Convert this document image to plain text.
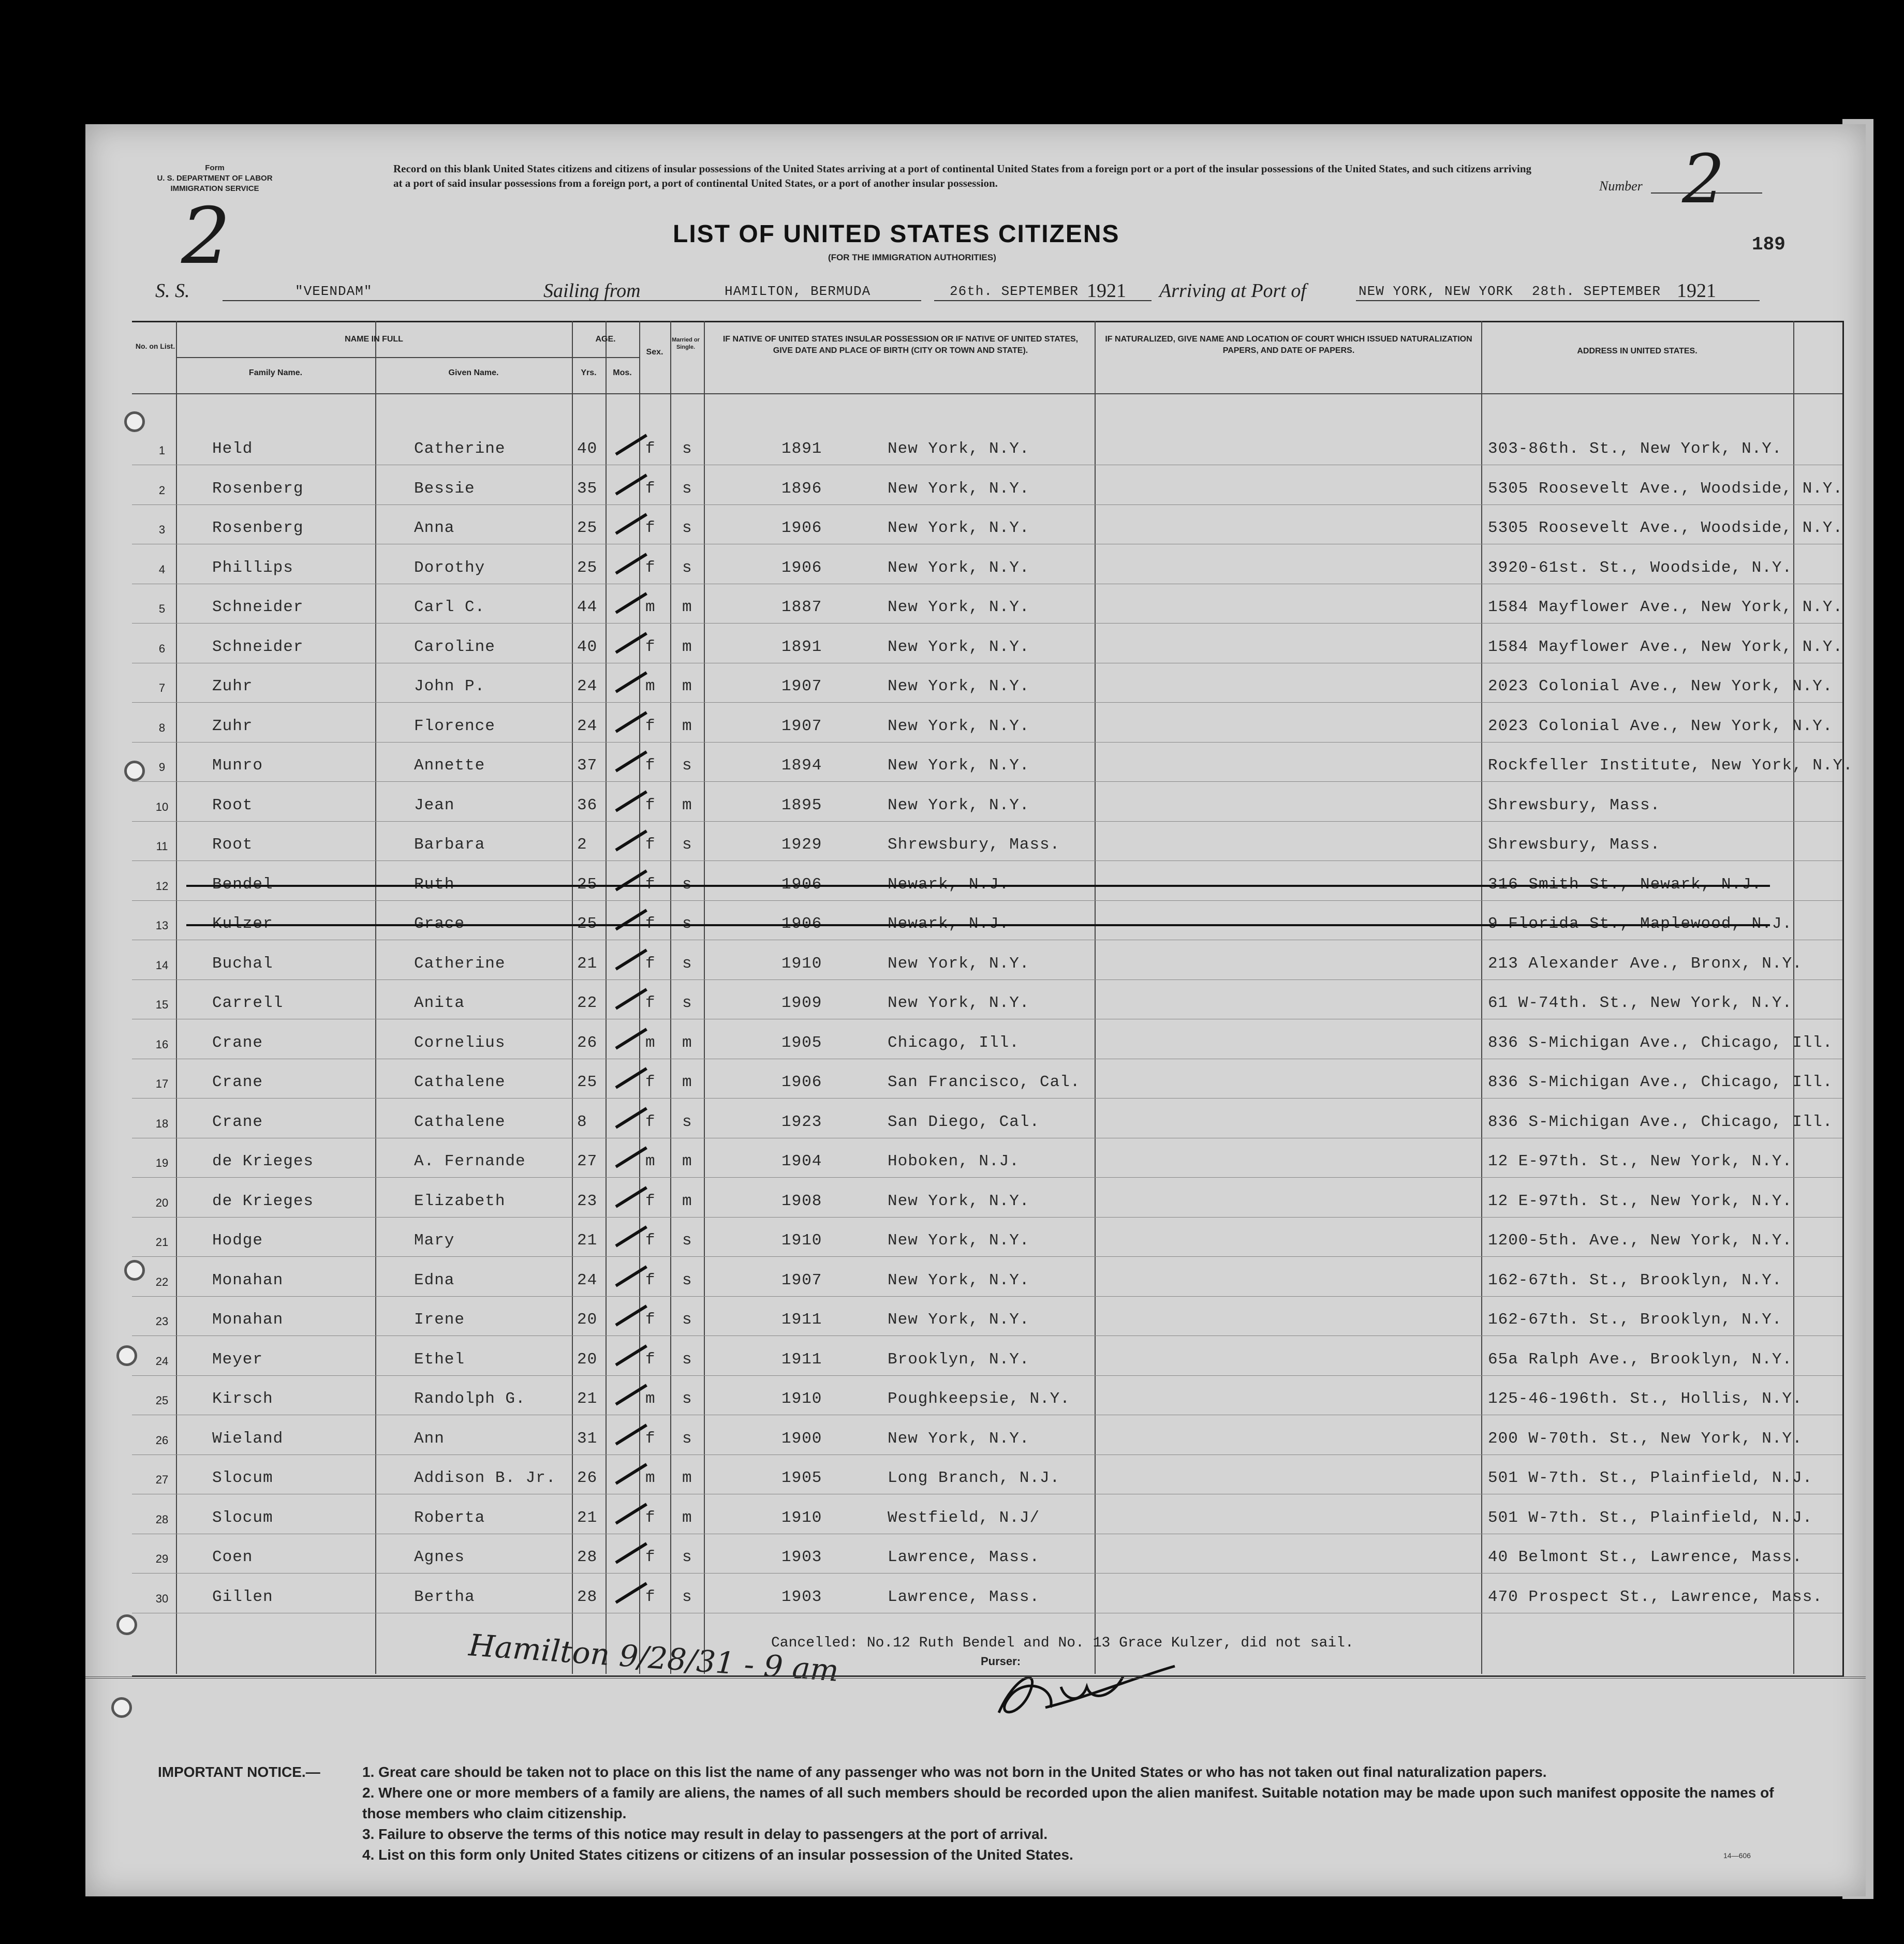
Form
U. S. DEPARTMENT OF LABOR
IMMIGRATION SERVICE
2
Record on this blank United States citizens and citizens of insular possessions of the United States arriving at a port of continental United States from a foreign port or a port of the insular possessions of the United States, and such citizens arriving at a port of said insular possessions from a foreign port, a port of continental United States, or a port of another insular possession.	Number 2
LIST OF UNITED STATES CITIZENS
(FOR THE IMMIGRATION AUTHORITIES)
189
S. S.	"VEENDAM"	Sailing from	HAMILTON, BERMUDA	26th. SEPTEMBER 1921 Arriving at Port of	NEW YORK, NEW YORK 28th. SEPTEMBER 1921
No. on List.
NAME IN FULL
Family Name.	Given Name.
AGE.
Yrs.	Mos.
Sex.
Married or Single.
IF NATIVE OF UNITED STATES INSULAR POSSESSION OR IF NATIVE OF UNITED STATES, GIVE DATE AND PLACE OF BIRTH (CITY OR TOWN AND STATE).
IF NATURALIZED, GIVE NAME AND LOCATION OF COURT WHICH ISSUED NATURALIZATION PAPERS, AND DATE OF PAPERS.	ADDRESS IN UNITED STATES.
1	Held	Catherine	40	f s	1891	New York, N.Y.	303-86th. St., New York, N.Y.
2	Rosenberg	Bessie	35	f s	1896	New York, N.Y.	5305 Roosevelt Ave., Woodside, N.Y.
3	Rosenberg	Anna	25	f s	1906	New York, N.Y.	5305 Roosevelt Ave., Woodside, N.Y.
4	Phillips	Dorothy	25	f s	1906	New York, N.Y.	3920-61st. St., Woodside, N.Y.
5	Schneider	Carl C.	44	m m	1887	New York, N.Y.	1584 Mayflower Ave., New York, N.Y.
6	Schneider	Caroline	40	f m	1891	New York, N.Y.	1584 Mayflower Ave., New York, N.Y.
7	Zuhr	John P.	24	m m	1907	New York, N.Y.	2023 Colonial Ave., New York, N.Y.
8	Zuhr	Florence	24	f m	1907	New York, N.Y.	2023 Colonial Ave., New York, N.Y.
9	Munro	Annette	37	f s	1894	New York, N.Y.	Rockfeller Institute, New York, N.Y.
10	Root	Jean	36	f m	1895	New York, N.Y.	Shrewsbury, Mass.
11	Root	Barbara	2	f s	1929	Shrewsbury, Mass.	Shrewsbury, Mass.
12	Bendel	Ruth	25	f s	1906	Newark, N.J.	316 Smith St., Newark, N.J.
13	Kulzer	Grace	25	f s	1906	Newark, N.J.	9 Florida St., Maplewood, N.J.
14	Buchal	Catherine	21	f s	1910	New York, N.Y.	213 Alexander Ave., Bronx, N.Y.
15	Carrell	Anita	22	f s	1909	New York, N.Y.	61 W-74th. St., New York, N.Y.
16	Crane	Cornelius	26	m m	1905	Chicago, Ill.	836 S-Michigan Ave., Chicago, Ill.
17	Crane	Cathalene	25	f m	1906	San Francisco, Cal.	836 S-Michigan Ave., Chicago, Ill.
18	Crane	Cathalene	8	f s	1923	San Diego, Cal.	836 S-Michigan Ave., Chicago, Ill.
19	de Krieges	A. Fernande	27	m m	1904	Hoboken, N.J.	12 E-97th. St., New York, N.Y.
20	de Krieges	Elizabeth	23	f m	1908	New York, N.Y.	12 E-97th. St., New York, N.Y.
21	Hodge	Mary	21	f s	1910	New York, N.Y.	1200-5th. Ave., New York, N.Y.
22	Monahan	Edna	24	f s	1907	New York, N.Y.	162-67th. St., Brooklyn, N.Y.
23	Monahan	Irene	20	f s	1911	New York, N.Y.	162-67th. St., Brooklyn, N.Y.
24	Meyer	Ethel	20	f s	1911	Brooklyn, N.Y.	65a Ralph Ave., Brooklyn, N.Y.
25	Kirsch	Randolph G.	21	m s	1910	Poughkeepsie, N.Y.	125-46-196th. St., Hollis, N.Y.
26	Wieland	Ann	31	f s	1900	New York, N.Y.	200 W-70th. St., New York, N.Y.
27	Slocum	Addison B. Jr. 26	m m	1905	Long Branch, N.J.	501 W-7th. St., Plainfield, N.J.
28	Slocum	Roberta	21	f m	1910	Westfield, N.J/	501 W-7th. St., Plainfield, N.J.
29	Coen	Agnes	28	f s	1903	Lawrence, Mass.	40 Belmont St., Lawrence, Mass.
30	Gillen	Bertha	28	f s	1903	Lawrence, Mass.	470 Prospect St., Lawrence, Mass.
Hamilton 9/28/31 - 9 am
Cancelled: No.12 Ruth Bendel and No. 13 Grace Kulzer, did not sail.
Purser:
IMPORTANT NOTICE.—	1. Great care should be taken not to place on this list the name of any passenger who was not born in the United States or who has not taken out final naturalization papers.
2. Where one or more members of a family are aliens, the names of all such members should be recorded upon the alien manifest. Suitable notation may be made upon such manifest opposite the names of those members who claim citizenship.
3. Failure to observe the terms of this notice may result in delay to passengers at the port of arrival.
4. List on this form only United States citizens or citizens of an insular possession of the United States.	14—606
